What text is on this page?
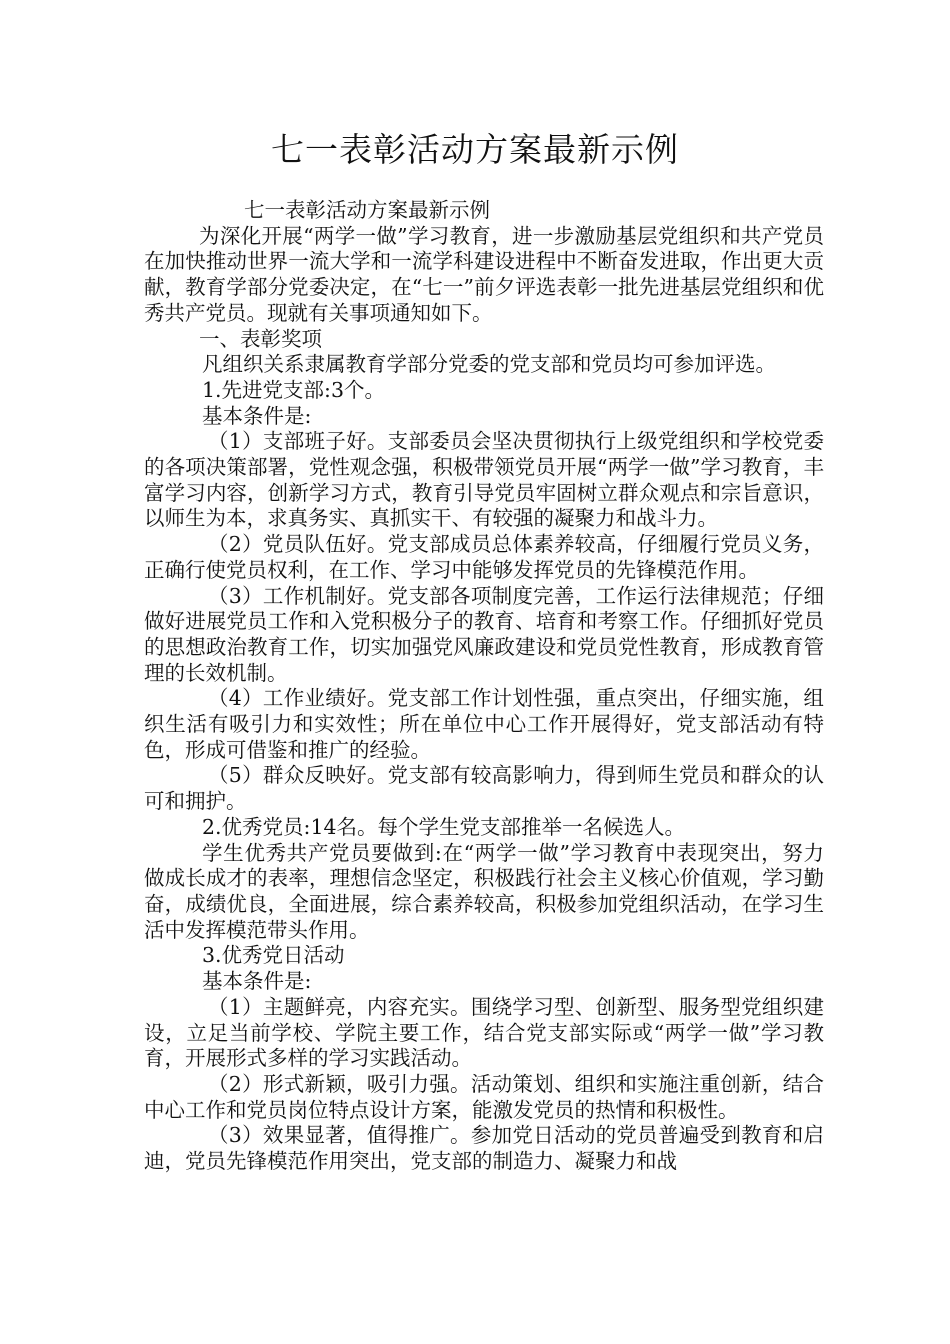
七一表彰活动方案最新示例

七一表彰活动方案最新示例

为深化开展“两学一做”学习教育，进一步激励基层党组织和共产党员在加快推动世界一流大学和一流学科建设进程中不断奋发进取，作出更大贡献，教育学部分党委决定，在“七一”前夕评选表彰一批先进基层党组织和优秀共产党员。现就有关事项通知如下。

一、表彰奖项

凡组织关系隶属教育学部分党委的党支部和党员均可参加评选。

1.先进党支部:3个。

基本条件是:

（1）支部班子好。支部委员会坚决贯彻执行上级党组织和学校党委的各项决策部署，党性观念强，积极带领党员开展“两学一做”学习教育，丰富学习内容，创新学习方式，教育引导党员牢固树立群众观点和宗旨意识，以师生为本，求真务实、真抓实干、有较强的凝聚力和战斗力。

（2）党员队伍好。党支部成员总体素养较高，仔细履行党员义务，正确行使党员权利，在工作、学习中能够发挥党员的先锋模范作用。

（3）工作机制好。党支部各项制度完善，工作运行法律规范；仔细做好进展党员工作和入党积极分子的教育、培育和考察工作。仔细抓好党员的思想政治教育工作，切实加强党风廉政建设和党员党性教育，形成教育管理的长效机制。

（4）工作业绩好。党支部工作计划性强，重点突出，仔细实施，组织生活有吸引力和实效性；所在单位中心工作开展得好，党支部活动有特色，形成可借鉴和推广的经验。

（5）群众反映好。党支部有较高影响力，得到师生党员和群众的认可和拥护。

2.优秀党员:14名。每个学生党支部推举一名候选人。

学生优秀共产党员要做到:在“两学一做”学习教育中表现突出，努力做成长成才的表率，理想信念坚定，积极践行社会主义核心价值观，学习勤奋，成绩优良，全面进展，综合素养较高，积极参加党组织活动，在学习生活中发挥模范带头作用。

3.优秀党日活动

基本条件是:

（1）主题鲜亮，内容充实。围绕学习型、创新型、服务型党组织建设，立足当前学校、学院主要工作，结合党支部实际或“两学一做”学习教育，开展形式多样的学习实践活动。

（2）形式新颖，吸引力强。活动策划、组织和实施注重创新，结合中心工作和党员岗位特点设计方案，能激发党员的热情和积极性。

（3）效果显著，值得推广。参加党日活动的党员普遍受到教育和启迪，党员先锋模范作用突出，党支部的制造力、凝聚力和战
